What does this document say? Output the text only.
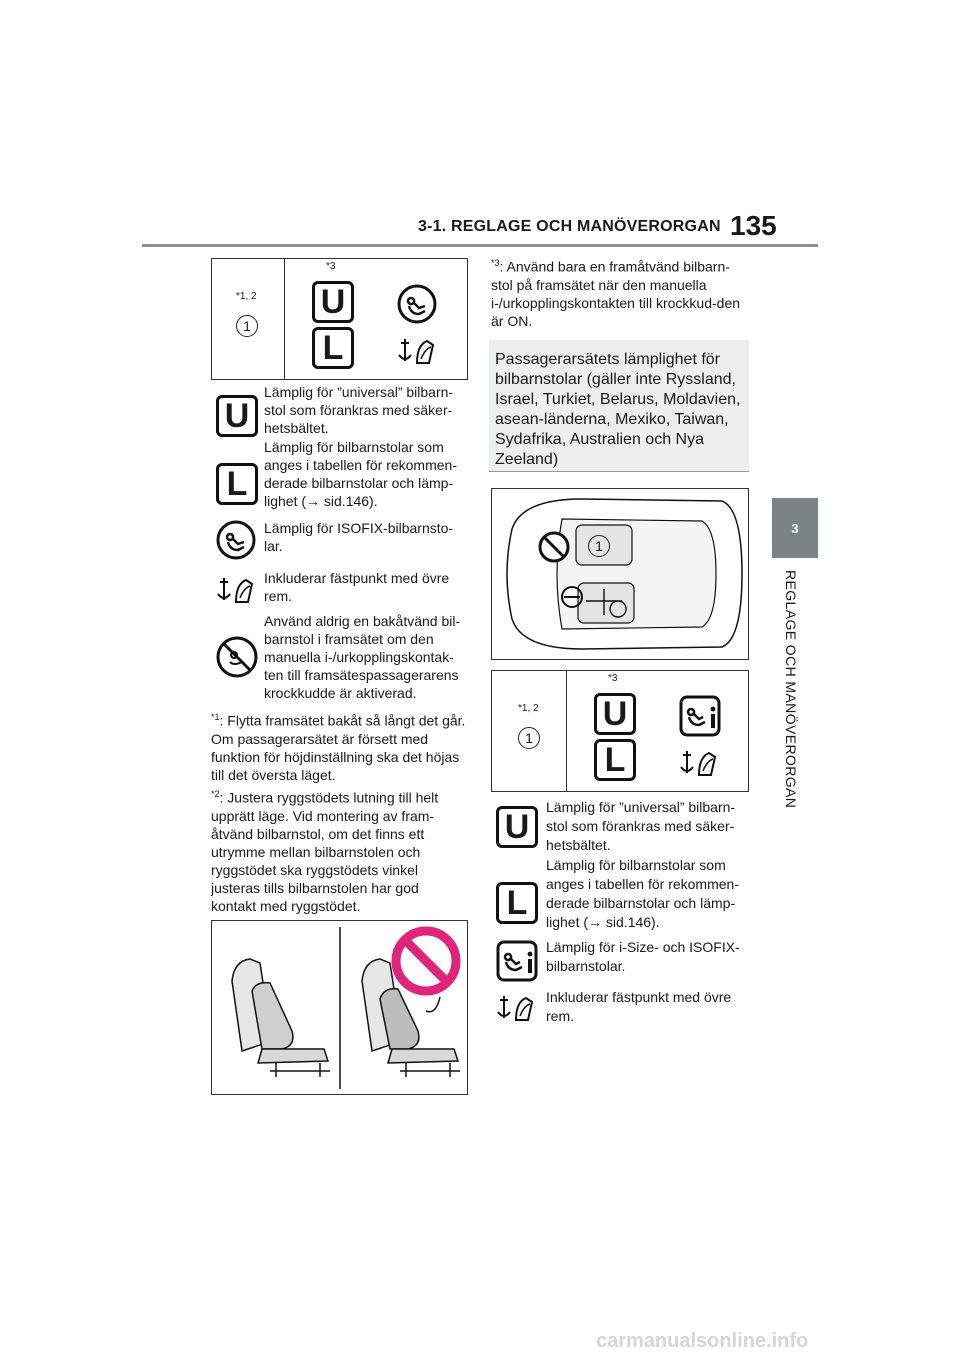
3-1. REGLAGE OCH MANÖVERORGAN 135
3
REGLAGE OCH MANÖVERORGAN
*1, 2
1
*3
U
L
U
Lämplig för ”universal” bilbarn-stol som förankras med säker-hetsbältet.
L
Lämplig för bilbarnstolar som anges i tabellen för rekommen-derade bilbarnstolar och lämp-lighet (→ sid.146).
Lämplig för ISOFIX-bilbarnsto-lar.
Inkluderar fästpunkt med övre rem.
Använd aldrig en bakåtvänd bil-barnstol i framsätet om den manuella i-/urkopplingskontak-ten till framsätespassagerarens krockkudde är aktiverad.
$^{*1}$: Flytta framsätet bakåt så långt det går. Om passagerarsätet är försett med funktion för höjdinställning ska det höjas till det översta läget.
$^{*2}$: Justera ryggstödets lutning till helt upprätt läge. Vid montering av fram-åtvänd bilbarnstol, om det finns ett utrymme mellan bilbarnstolen och ryggstödet ska ryggstödets vinkel justeras tills bilbarnstolen har god kontakt med ryggstödet.
$^{*3}$: Använd bara en framåtvänd bilbarn-stol på framsätet när den manuella i-/urkopplingskontakten till krockkud-den är ON.
Passagerarsätets lämplighet för bilbarnstolar (gäller inte Ryssland, Israel, Turkiet, Belarus, Moldavien, asean-länderna, Mexiko, Taiwan, Sydafrika, Australien och Nya Zeeland)
1
*1, 2
1
*3
U
L
U
Lämplig för ”universal” bilbarn-stol som förankras med säker-hetsbältet.
L
Lämplig för bilbarnstolar som anges i tabellen för rekommen-derade bilbarnstolar och lämp-lighet (→ sid.146).
Lämplig för i-Size- och ISOFIX-bilbarnstolar.
Inkluderar fästpunkt med övre rem.
carmanualsonline.info
